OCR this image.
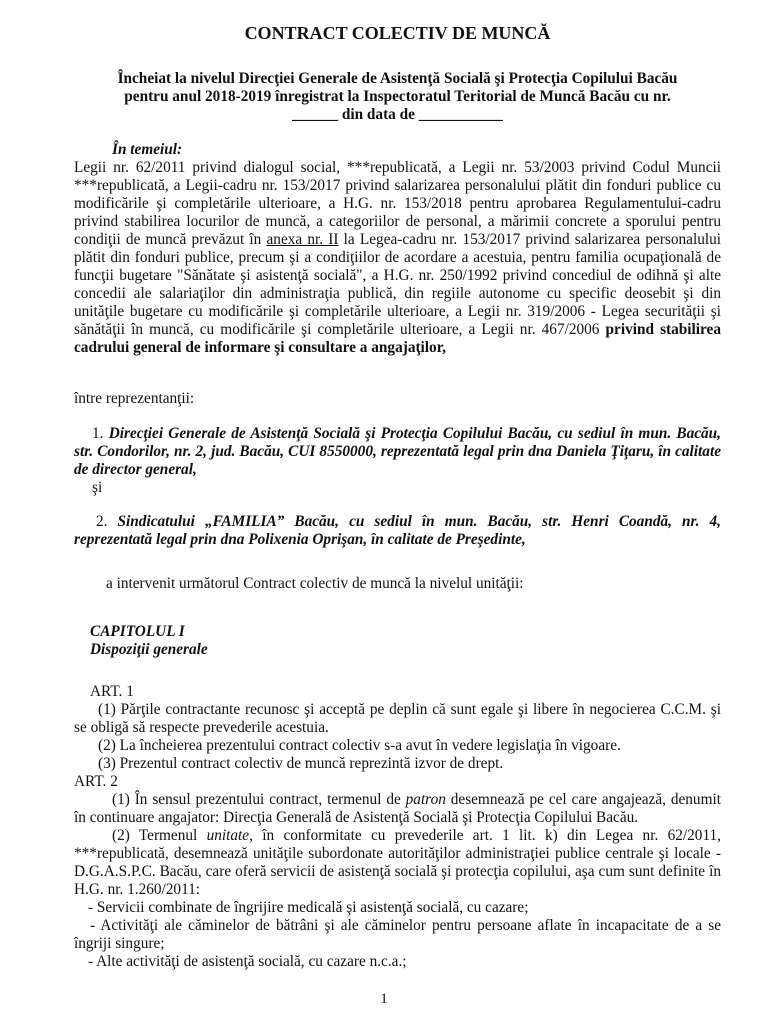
CONTRACT COLECTIV DE MUNCĂ

Încheiat la nivelul Direcţiei Generale de Asistenţă Socială şi Protecţia Copilului Bacău

pentru anul 2018-2019 înregistrat la Inspectoratul Teritorial de Muncă Bacău cu nr.

______ din data de ___________

În temeiul:

Legii nr. 62/2011 privind dialogul social, ***republicată, a Legii nr. 53/2003 privind Codul Muncii ***republicată, a Legii-cadru nr. 153/2017 privind salarizarea personalului plătit din fonduri publice cu modificările şi completările ulterioare, a H.G. nr. 153/2018 pentru aprobarea Regulamentului-cadru privind stabilirea locurilor de muncă, a categoriilor de personal, a mărimii concrete a sporului pentru condiţii de muncă prevăzut în anexa nr. II la Legea-cadru nr. 153/2017 privind salarizarea personalului plătit din fonduri publice, precum şi a condiţiilor de acordare a acestuia, pentru familia ocupaţională de funcţii bugetare "Sănătate şi asistenţă socială", a H.G. nr. 250/1992 privind concediul de odihnă şi alte concedii ale salariaţilor din administraţia publică, din regiile autonome cu specific deosebit şi din unităţile bugetare cu modificările şi completările ulterioare, a Legii nr. 319/2006 - Legea securităţii şi sănătăţii în muncă, cu modificările şi completările ulterioare, a Legii nr. 467/2006 privind stabilirea cadrului general de informare şi consultare a angajaţilor,

între reprezentanţii:

1. Direcţiei Generale de Asistenţă Socială şi Protecţia Copilului Bacău, cu sediul în mun. Bacău, str. Condorilor, nr. 2, jud. Bacău, CUI 8550000, reprezentată legal prin dna Daniela Ţiţaru, în calitate de director general,

şi

2. Sindicatului „FAMILIA” Bacău, cu sediul în mun. Bacău, str. Henri Coandă, nr. 4, reprezentată legal prin dna Polixenia Oprişan, în calitate de Preşedinte,

a intervenit următorul Contract colectiv de muncă la nivelul unităţii:

CAPITOLUL I

Dispoziţii generale

ART. 1

(1) Părţile contractante recunosc şi acceptă pe deplin că sunt egale şi libere în negocierea C.C.M. şi se obligă să respecte prevederile acestuia.

(2) La încheierea prezentului contract colectiv s-a avut în vedere legislaţia în vigoare.

(3) Prezentul contract colectiv de muncă reprezintă izvor de drept.

ART. 2

(1) În sensul prezentului contract, termenul de patron desemnează pe cel care angajează, denumit în continuare angajator: Direcţia Generală de Asistenţă Socială şi Protecţia Copilului Bacău.

(2) Termenul unitate, în conformitate cu prevederile art. 1 lit. k) din Legea nr. 62/2011, ***republicată, desemnează unităţile subordonate autorităţilor administraţiei publice centrale şi locale - D.G.A.S.P.C. Bacău, care oferă servicii de asistenţă socială şi protecţia copilului, aşa cum sunt definite în H.G. nr. 1.260/2011:

- Servicii combinate de îngrijire medicală şi asistenţă socială, cu cazare;

- Activităţi ale căminelor de bătrâni şi ale căminelor pentru persoane aflate în incapacitate de a se îngriji singure;

- Alte activităţi de asistenţă socială, cu cazare n.c.a.;

1
